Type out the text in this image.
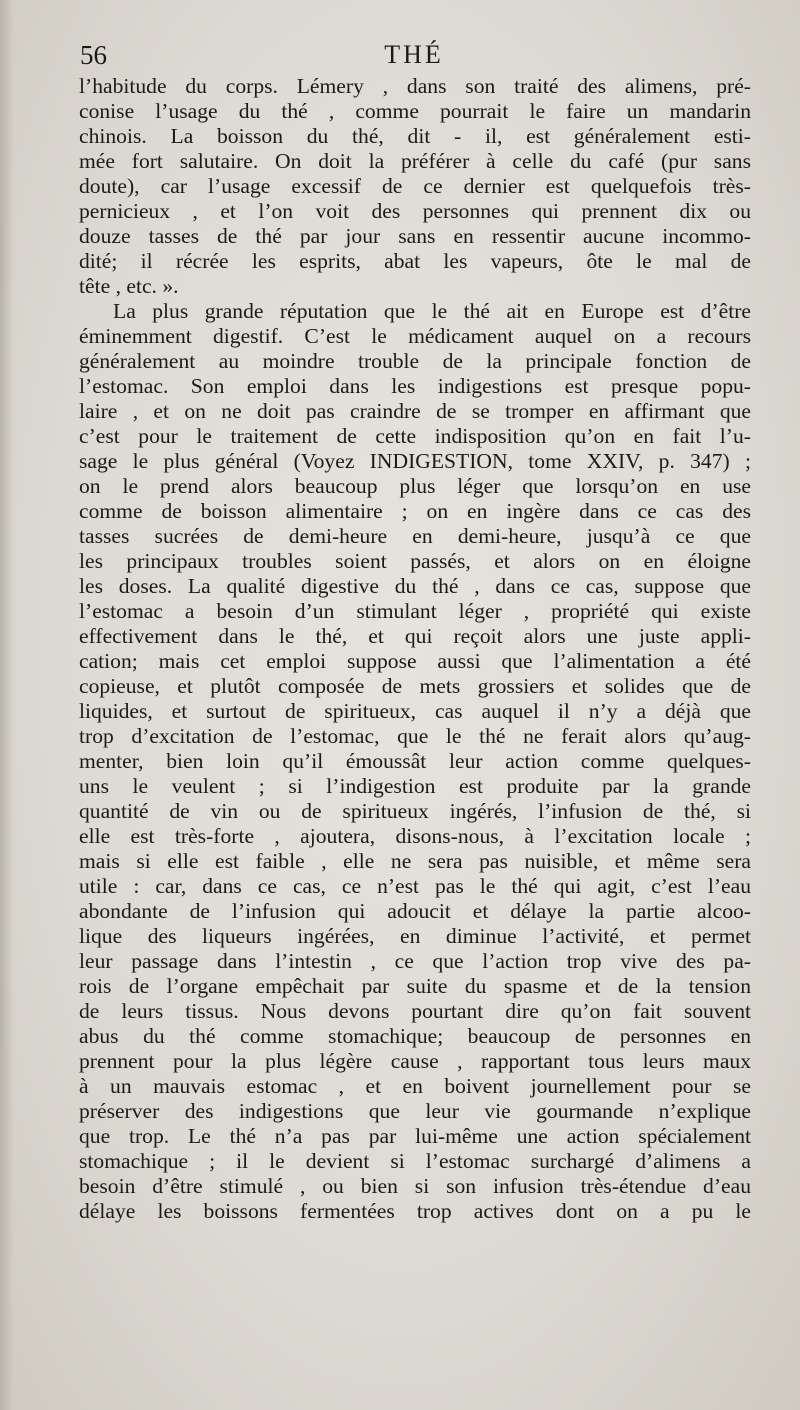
56	THÉ
l’habitude du corps. Lémery , dans son traité des alimens, pré-
conise l’usage du thé , comme pourrait le faire un mandarin
chinois. La boisson du thé, dit - il, est généralement esti-
mée fort salutaire. On doit la préférer à celle du café (pur sans
doute), car l’usage excessif de ce dernier est quelquefois très-
pernicieux , et l’on voit des personnes qui prennent dix ou
douze tasses de thé par jour sans en ressentir aucune incommo-
dité; il récrée les esprits, abat les vapeurs, ôte le mal de
tête , etc. ».
La plus grande réputation que le thé ait en Europe est d’être
éminemment digestif. C’est le médicament auquel on a recours
généralement au moindre trouble de la principale fonction de
l’estomac. Son emploi dans les indigestions est presque popu-
laire , et on ne doit pas craindre de se tromper en affirmant que
c’est pour le traitement de cette indisposition qu’on en fait l’u-
sage le plus général (Voyez INDIGESTION, tome XXIV, p. 347) ;
on le prend alors beaucoup plus léger que lorsqu’on en use
comme de boisson alimentaire ; on en ingère dans ce cas des
tasses sucrées de demi-heure en demi-heure, jusqu’à ce que
les principaux troubles soient passés, et alors on en éloigne
les doses. La qualité digestive du thé , dans ce cas, suppose que
l’estomac a besoin d’un stimulant léger , propriété qui existe
effectivement dans le thé, et qui reçoit alors une juste appli-
cation; mais cet emploi suppose aussi que l’alimentation a été
copieuse, et plutôt composée de mets grossiers et solides que de
liquides, et surtout de spiritueux, cas auquel il n’y a déjà que
trop d’excitation de l’estomac, que le thé ne ferait alors qu’aug-
menter, bien loin qu’il émoussât leur action comme quelques-
uns le veulent ; si l’indigestion est produite par la grande
quantité de vin ou de spiritueux ingérés, l’infusion de thé, si
elle est très-forte , ajoutera, disons-nous, à l’excitation locale ;
mais si elle est faible , elle ne sera pas nuisible, et même sera
utile : car, dans ce cas, ce n’est pas le thé qui agit, c’est l’eau
abondante de l’infusion qui adoucit et délaye la partie alcoo-
lique des liqueurs ingérées, en diminue l’activité, et permet
leur passage dans l’intestin , ce que l’action trop vive des pa-
rois de l’organe empêchait par suite du spasme et de la tension
de leurs tissus. Nous devons pourtant dire qu’on fait souvent
abus du thé comme stomachique; beaucoup de personnes en
prennent pour la plus légère cause , rapportant tous leurs maux
à un mauvais estomac , et en boivent journellement pour se
préserver des indigestions que leur vie gourmande n’explique
que trop. Le thé n’a pas par lui-même une action spécialement
stomachique ; il le devient si l’estomac surchargé d’alimens a
besoin d’être stimulé , ou bien si son infusion très-étendue d’eau
délaye les boissons fermentées trop actives dont on a pu le
